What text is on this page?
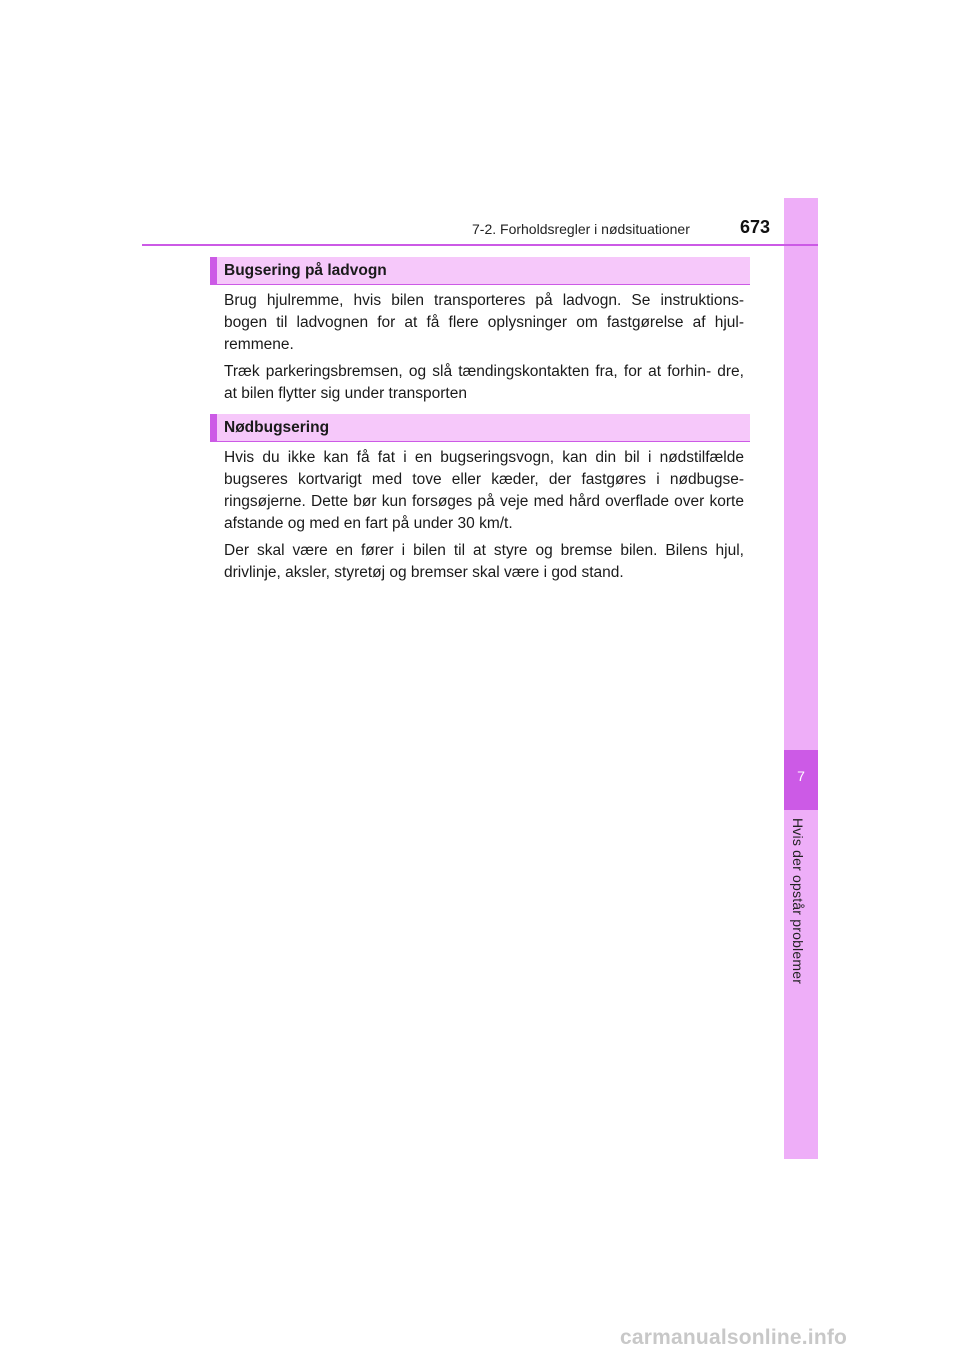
7
Hvis der opstår problemer
7-2. Forholdsregler i nødsituationer	673
Bugsering på ladvogn

Brug hjulremme, hvis bilen transporteres på ladvogn. Se instruktions- bogen til ladvognen for at få flere oplysninger om fastgørelse af hjul- remmene.

Træk parkeringsbremsen, og slå tændingskontakten fra, for at forhin- dre, at bilen flytter sig under transporten

Nødbugsering

Hvis du ikke kan få fat i en bugseringsvogn, kan din bil i nødstilfælde bugseres kortvarigt med tove eller kæder, der fastgøres i nødbugse- ringsøjerne. Dette bør kun forsøges på veje med hård overflade over korte afstande og med en fart på under 30 km/t.

Der skal være en fører i bilen til at styre og bremse bilen. Bilens hjul, drivlinje, aksler, styretøj og bremser skal være i god stand.

carmanualsonline.info
